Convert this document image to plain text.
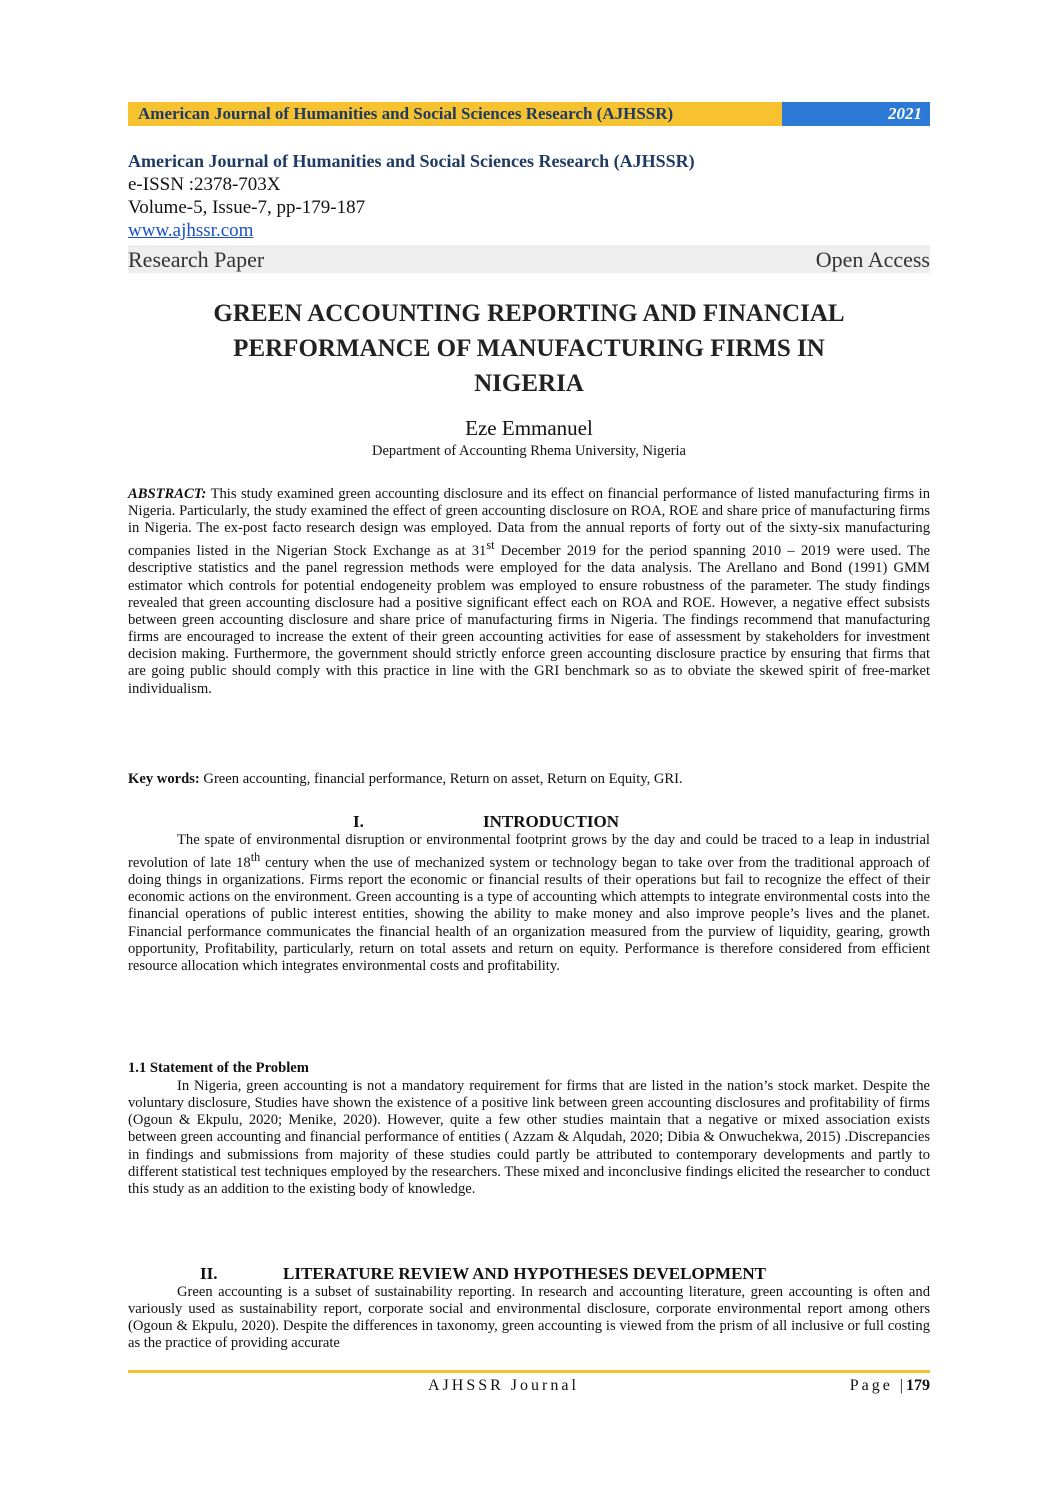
American Journal of Humanities and Social Sciences Research (AJHSSR)	2021
American Journal of Humanities and Social Sciences Research (AJHSSR)
e-ISSN :2378-703X
Volume-5, Issue-7, pp-179-187
www.ajhssr.com
Research Paper	Open Access
GREEN ACCOUNTING REPORTING AND FINANCIAL
PERFORMANCE OF MANUFACTURING FIRMS IN
NIGERIA
Eze Emmanuel
Department of Accounting Rhema University, Nigeria
ABSTRACT: This study examined green accounting disclosure and its effect on financial performance of listed manufacturing firms in Nigeria. Particularly, the study examined the effect of green accounting disclosure on ROA, ROE and share price of manufacturing firms in Nigeria. The ex-post facto research design was employed. Data from the annual reports of forty out of the sixty-six manufacturing companies listed in the Nigerian Stock Exchange as at 31st December 2019 for the period spanning 2010 – 2019 were used. The descriptive statistics and the panel regression methods were employed for the data analysis. The Arellano and Bond (1991) GMM estimator which controls for potential endogeneity problem was employed to ensure robustness of the parameter. The study findings revealed that green accounting disclosure had a positive significant effect each on ROA and ROE. However, a negative effect subsists between green accounting disclosure and share price of manufacturing firms in Nigeria. The findings recommend that manufacturing firms are encouraged to increase the extent of their green accounting activities for ease of assessment by stakeholders for investment decision making. Furthermore, the government should strictly enforce green accounting disclosure practice by ensuring that firms that are going public should comply with this practice in line with the GRI benchmark so as to obviate the skewed spirit of free-market individualism.
Key words: Green accounting, financial performance, Return on asset, Return on Equity, GRI.
I.	INTRODUCTION
The spate of environmental disruption or environmental footprint grows by the day and could be traced to a leap in industrial revolution of late 18th century when the use of mechanized system or technology began to take over from the traditional approach of doing things in organizations. Firms report the economic or financial results of their operations but fail to recognize the effect of their economic actions on the environment. Green accounting is a type of accounting which attempts to integrate environmental costs into the financial operations of public interest entities, showing the ability to make money and also improve people’s lives and the planet. Financial performance communicates the financial health of an organization measured from the purview of liquidity, gearing, growth opportunity, Profitability, particularly, return on total assets and return on equity. Performance is therefore considered from efficient resource allocation which integrates environmental costs and profitability.
1.1 Statement of the Problem
In Nigeria, green accounting is not a mandatory requirement for firms that are listed in the nation’s stock market. Despite the voluntary disclosure, Studies have shown the existence of a positive link between green accounting disclosures and profitability of firms (Ogoun & Ekpulu, 2020; Menike, 2020). However, quite a few other studies maintain that a negative or mixed association exists between green accounting and financial performance of entities ( Azzam & Alqudah, 2020; Dibia & Onwuchekwa, 2015) .Discrepancies in findings and submissions from majority of these studies could partly be attributed to contemporary developments and partly to different statistical test techniques employed by the researchers. These mixed and inconclusive findings elicited the researcher to conduct this study as an addition to the existing body of knowledge.
II.	LITERATURE REVIEW AND HYPOTHESES DEVELOPMENT
Green accounting is a subset of sustainability reporting. In research and accounting literature, green accounting is often and variously used as sustainability report, corporate social and environmental disclosure, corporate environmental report among others (Ogoun & Ekpulu, 2020). Despite the differences in taxonomy, green accounting is viewed from the prism of all inclusive or full costing as the practice of providing accurate
AJHSSR Journal	Page |179
